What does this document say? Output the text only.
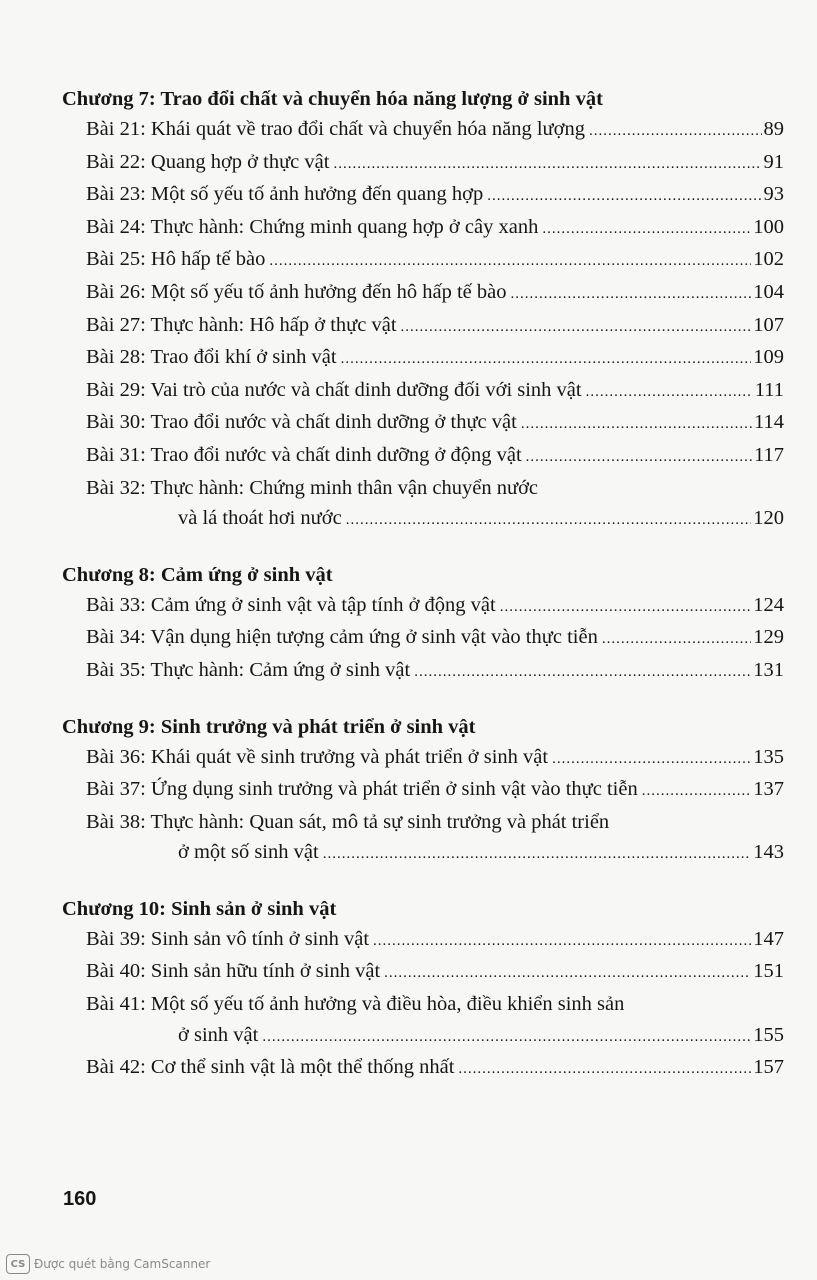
Chương 7: Trao đổi chất và chuyển hóa năng lượng ở sinh vật
Bài 21: Khái quát về trao đổi chất và chuyển hóa năng lượng .....	89
Bài 22: Quang hợp ở thực vật .....	91
Bài 23: Một số yếu tố ảnh hưởng đến quang hợp .....	93
Bài 24: Thực hành: Chứng minh quang hợp ở cây xanh .....	100
Bài 25: Hô hấp tế bào .....	102
Bài 26: Một số yếu tố ảnh hưởng đến hô hấp tế bào .....	104
Bài 27: Thực hành: Hô hấp ở thực vật .....	107
Bài 28: Trao đổi khí ở sinh vật .....	109
Bài 29: Vai trò của nước và chất dinh dưỡng đối với sinh vật .....	111
Bài 30: Trao đổi nước và chất dinh dưỡng ở thực vật .....	114
Bài 31: Trao đổi nước và chất dinh dưỡng ở động vật .....	117
Bài 32: Thực hành: Chứng minh thân vận chuyển nước
và lá thoát hơi nước .....	120
Chương 8: Cảm ứng ở sinh vật
Bài 33: Cảm ứng ở sinh vật và tập tính ở động vật .....	124
Bài 34: Vận dụng hiện tượng cảm ứng ở sinh vật vào thực tiễn .....	129
Bài 35: Thực hành: Cảm ứng ở sinh vật .....	131
Chương 9: Sinh trưởng và phát triển ở sinh vật
Bài 36: Khái quát về sinh trưởng và phát triển ở sinh vật .....	135
Bài 37: Ứng dụng sinh trưởng và phát triển ở sinh vật vào thực tiễn .....	137
Bài 38: Thực hành: Quan sát, mô tả sự sinh trưởng và phát triển
ở một số sinh vật .....	143
Chương 10: Sinh sản ở sinh vật
Bài 39: Sinh sản vô tính ở sinh vật .....	147
Bài 40: Sinh sản hữu tính ở sinh vật .....	151
Bài 41: Một số yếu tố ảnh hưởng và điều hòa, điều khiển sinh sản
ở sinh vật .....	155
Bài 42: Cơ thể sinh vật là một thể thống nhất .....	157
160
CS Được quét bằng CamScanner
